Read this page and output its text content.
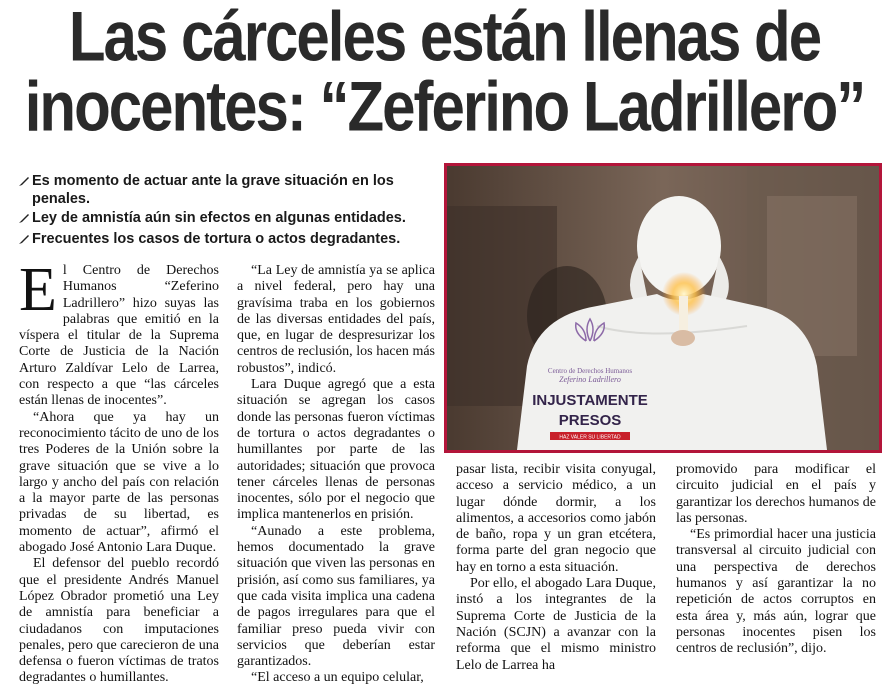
Las cárceles están llenas de
inocentes: “Zeferino Ladrillero”
Es momento de actuar ante la grave situación en los penales.
Ley de amnistía aún sin efectos en algunas entidades.
Frecuentes los casos de tortura o actos degradantes.
Centro de Derechos Humanos
Zeferino Ladrillero
INJUSTAMENTE
PRESOS
HAZ VALER SU LIBERTAD

El Centro de Derechos Humanos “Zeferino Ladrillero” hizo suyas las palabras que emitió en la víspera el titular de la Suprema Corte de Justicia de la Nación Arturo Zaldívar Lelo de Larrea, con respecto a que “las cárceles están llenas de inocentes”.

“Ahora que ya hay un reconocimiento tácito de uno de los tres Poderes de la Unión sobre la grave situación que se vive a lo largo y ancho del país con relación a la mayor parte de las personas privadas de su libertad, es momento de actuar”, afirmó el abogado José Antonio Lara Duque.

El defensor del pueblo recordó que el presidente Andrés Manuel López Obrador prometió una Ley de amnistía para beneficiar a ciudadanos con imputaciones penales, pero que carecieron de una defensa o fueron víctimas de tratos degradantes o humillantes.

“La Ley de amnistía ya se aplica a nivel federal, pero hay una gravísima traba en los gobiernos de las diversas entidades del país, que, en lugar de despresurizar los centros de reclusión, los hacen más robustos”, indicó.

Lara Duque agregó que a esta situación se agregan los casos donde las personas fueron víctimas de tortura o actos degradantes o humillantes por parte de las autoridades; situación que provoca tener cárceles llenas de personas inocentes, sólo por el negocio que implica mantenerlos en prisión.

“Aunado a este problema, hemos documentado la grave situación que viven las personas en prisión, así como sus familiares, ya que cada visita implica una cadena de pagos irregulares para que el familiar preso pueda vivir con servicios que deberían estar garantizados.

“El acceso a un equipo celular,

pasar lista, recibir visita conyugal, acceso a servicio médico, a un lugar dónde dormir, a los alimentos, a accesorios como jabón de baño, ropa y un gran etcétera, forma parte del gran negocio que hay en torno a esta situación.

Por ello, el abogado Lara Duque, instó a los integrantes de la Suprema Corte de Justicia de la Nación (SCJN) a avanzar con la reforma que el mismo ministro Lelo de Larrea ha

promovido para modificar el circuito judicial en el país y garantizar los derechos humanos de las personas.

“Es primordial hacer una justicia transversal al circuito judicial con una perspectiva de derechos humanos y así garantizar la no repetición de actos corruptos en esta área y, más aún, lograr que personas inocentes pisen los centros de reclusión”, dijo.
